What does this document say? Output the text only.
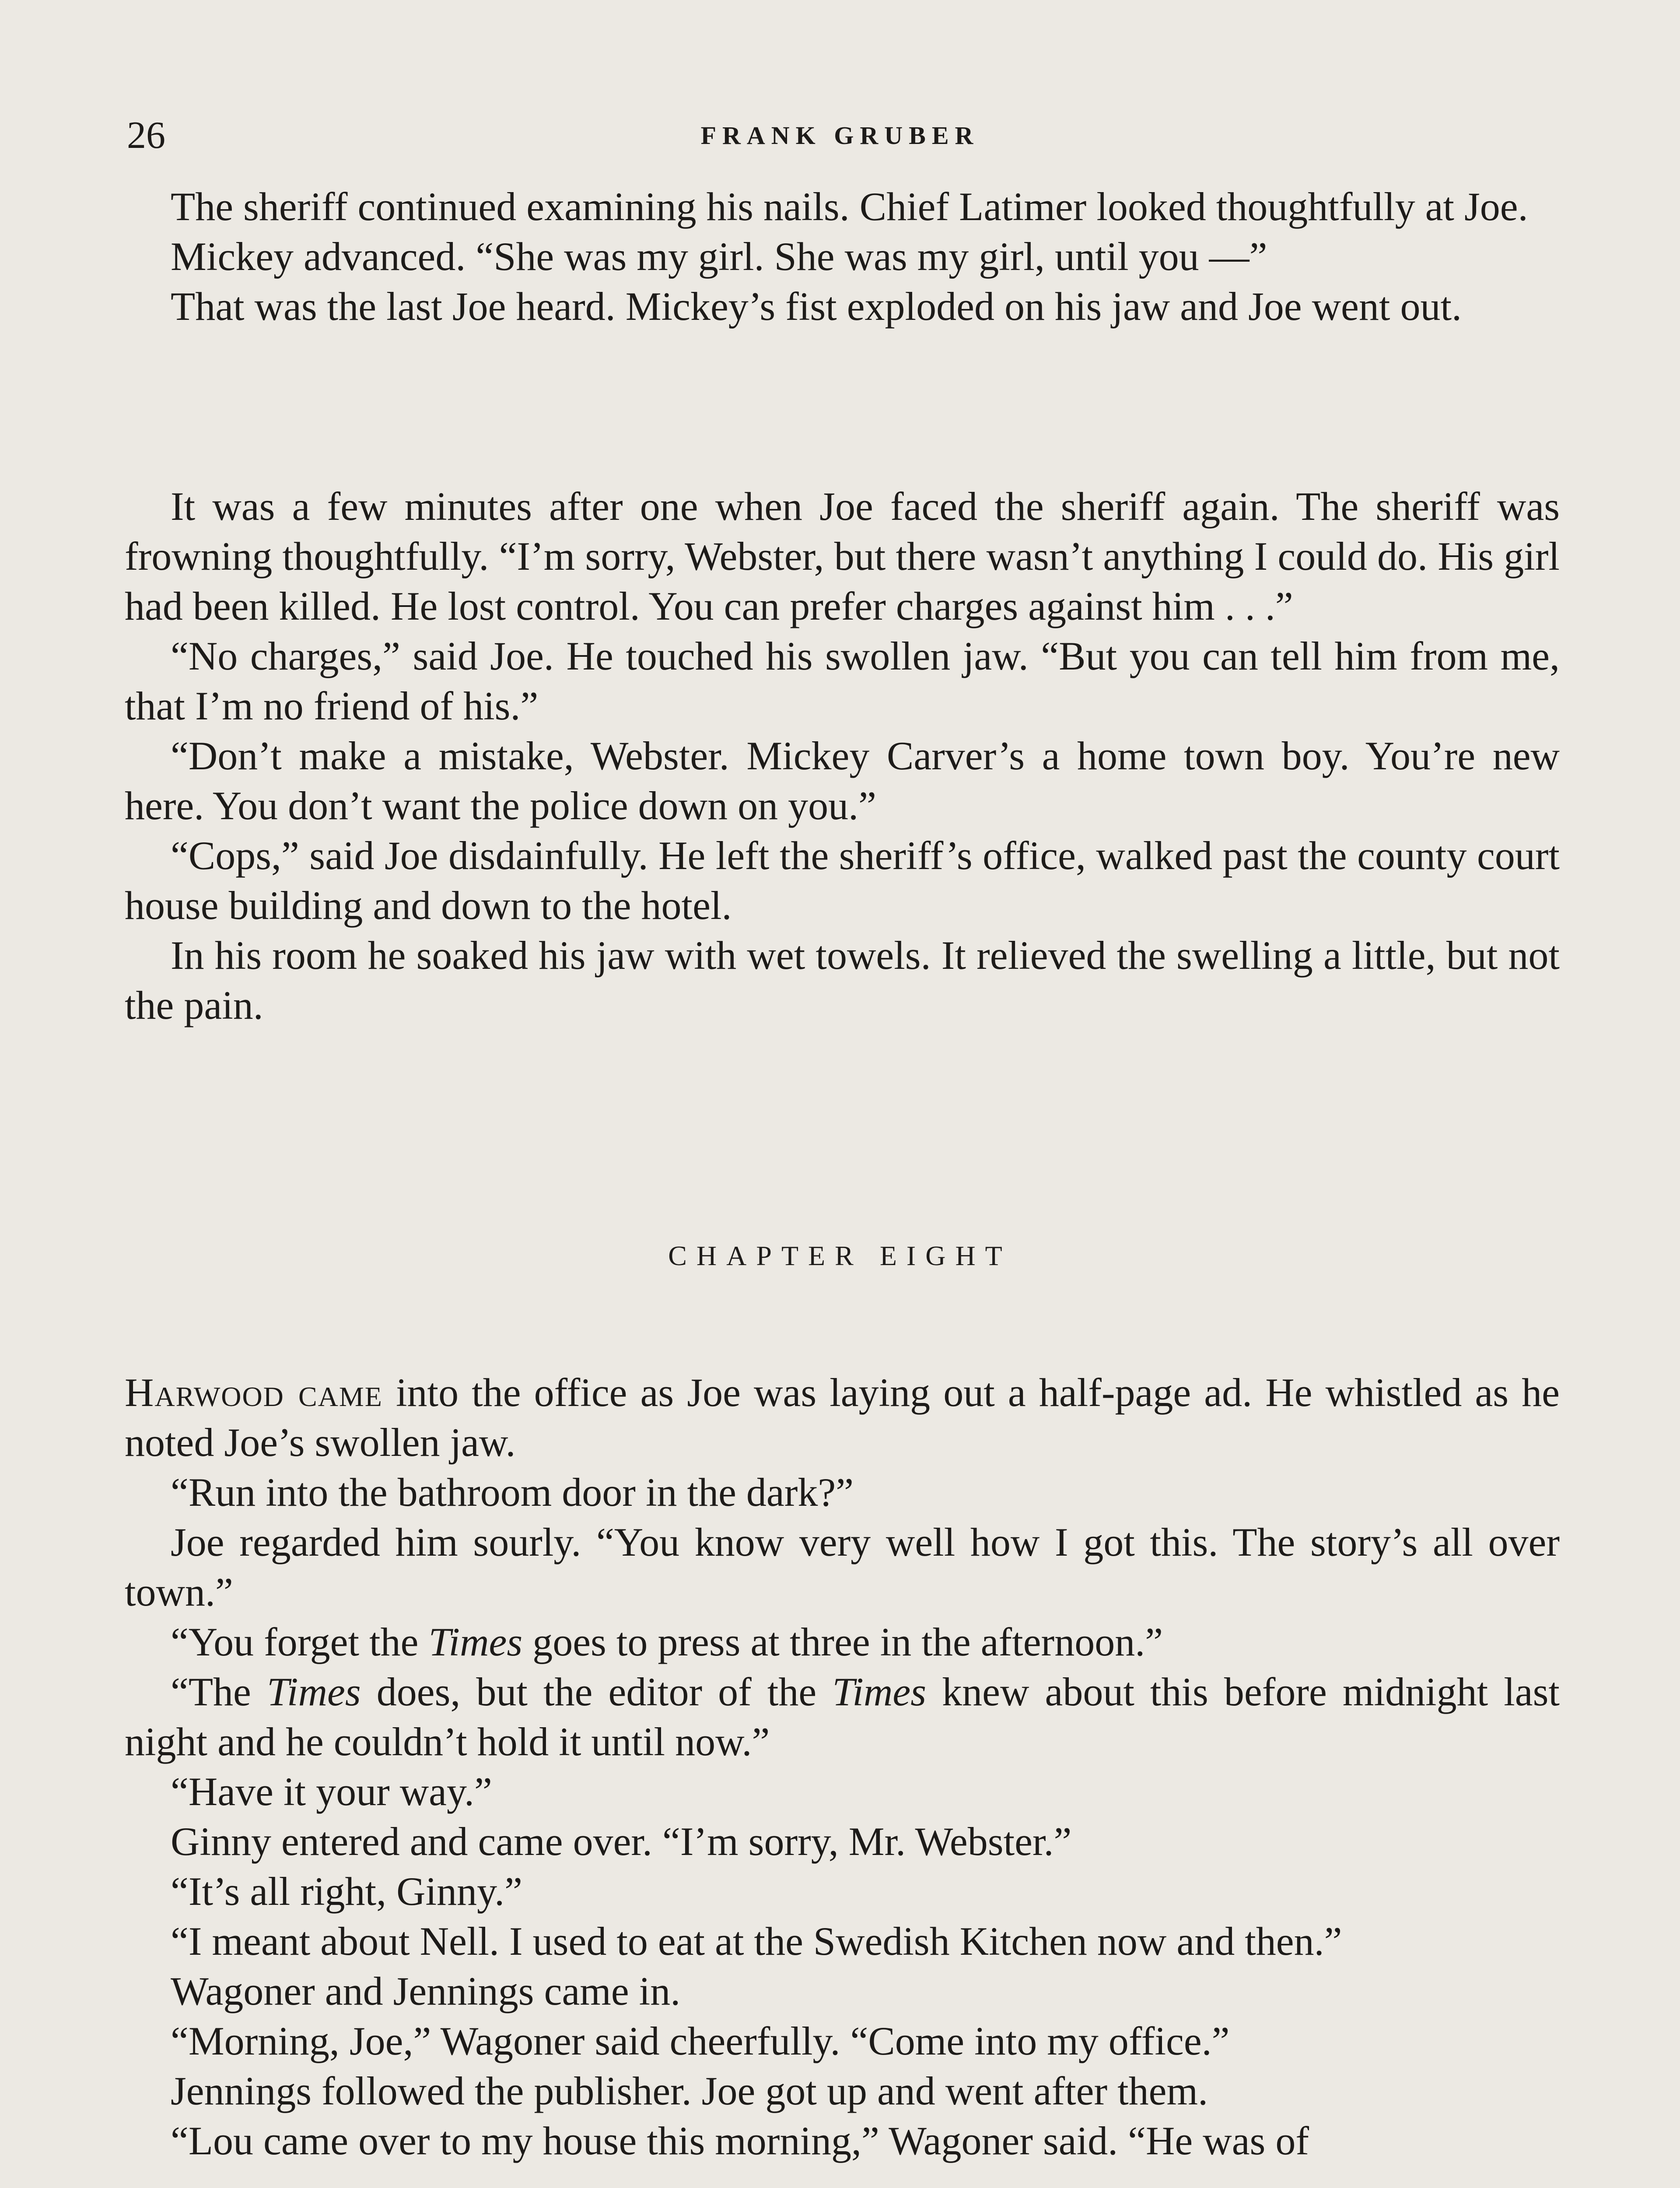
26	FRANK GRUBER

The sheriff continued examining his nails. Chief Latimer looked thoughtfully at Joe.

Mickey advanced. “She was my girl. She was my girl, until you —”

That was the last Joe heard. Mickey’s fist exploded on his jaw and Joe went out.

It was a few minutes after one when Joe faced the sheriff again. The sheriff was frowning thoughtfully. “I’m sorry, Webster, but there wasn’t anything I could do. His girl had been killed. He lost control. You can prefer charges against him . . .”

“No charges,” said Joe. He touched his swollen jaw. “But you can tell him from me, that I’m no friend of his.”

“Don’t make a mistake, Webster. Mickey Carver’s a home town boy. You’re new here. You don’t want the police down on you.”

“Cops,” said Joe disdainfully. He left the sheriff’s office, walked past the county court house building and down to the hotel.

In his room he soaked his jaw with wet towels. It relieved the swelling a little, but not the pain.

CHAPTER EIGHT

Harwood came into the office as Joe was laying out a half-page ad. He whistled as he noted Joe’s swollen jaw.

“Run into the bathroom door in the dark?”

Joe regarded him sourly. “You know very well how I got this. The story’s all over town.”

“You forget the Times goes to press at three in the afternoon.”

“The Times does, but the editor of the Times knew about this before midnight last night and he couldn’t hold it until now.”

“Have it your way.”

Ginny entered and came over. “I’m sorry, Mr. Webster.”

“It’s all right, Ginny.”

“I meant about Nell. I used to eat at the Swedish Kitchen now and then.”

Wagoner and Jennings came in.

“Morning, Joe,” Wagoner said cheerfully. “Come into my office.”

Jennings followed the publisher. Joe got up and went after them.

“Lou came over to my house this morning,” Wagoner said. “He was of
